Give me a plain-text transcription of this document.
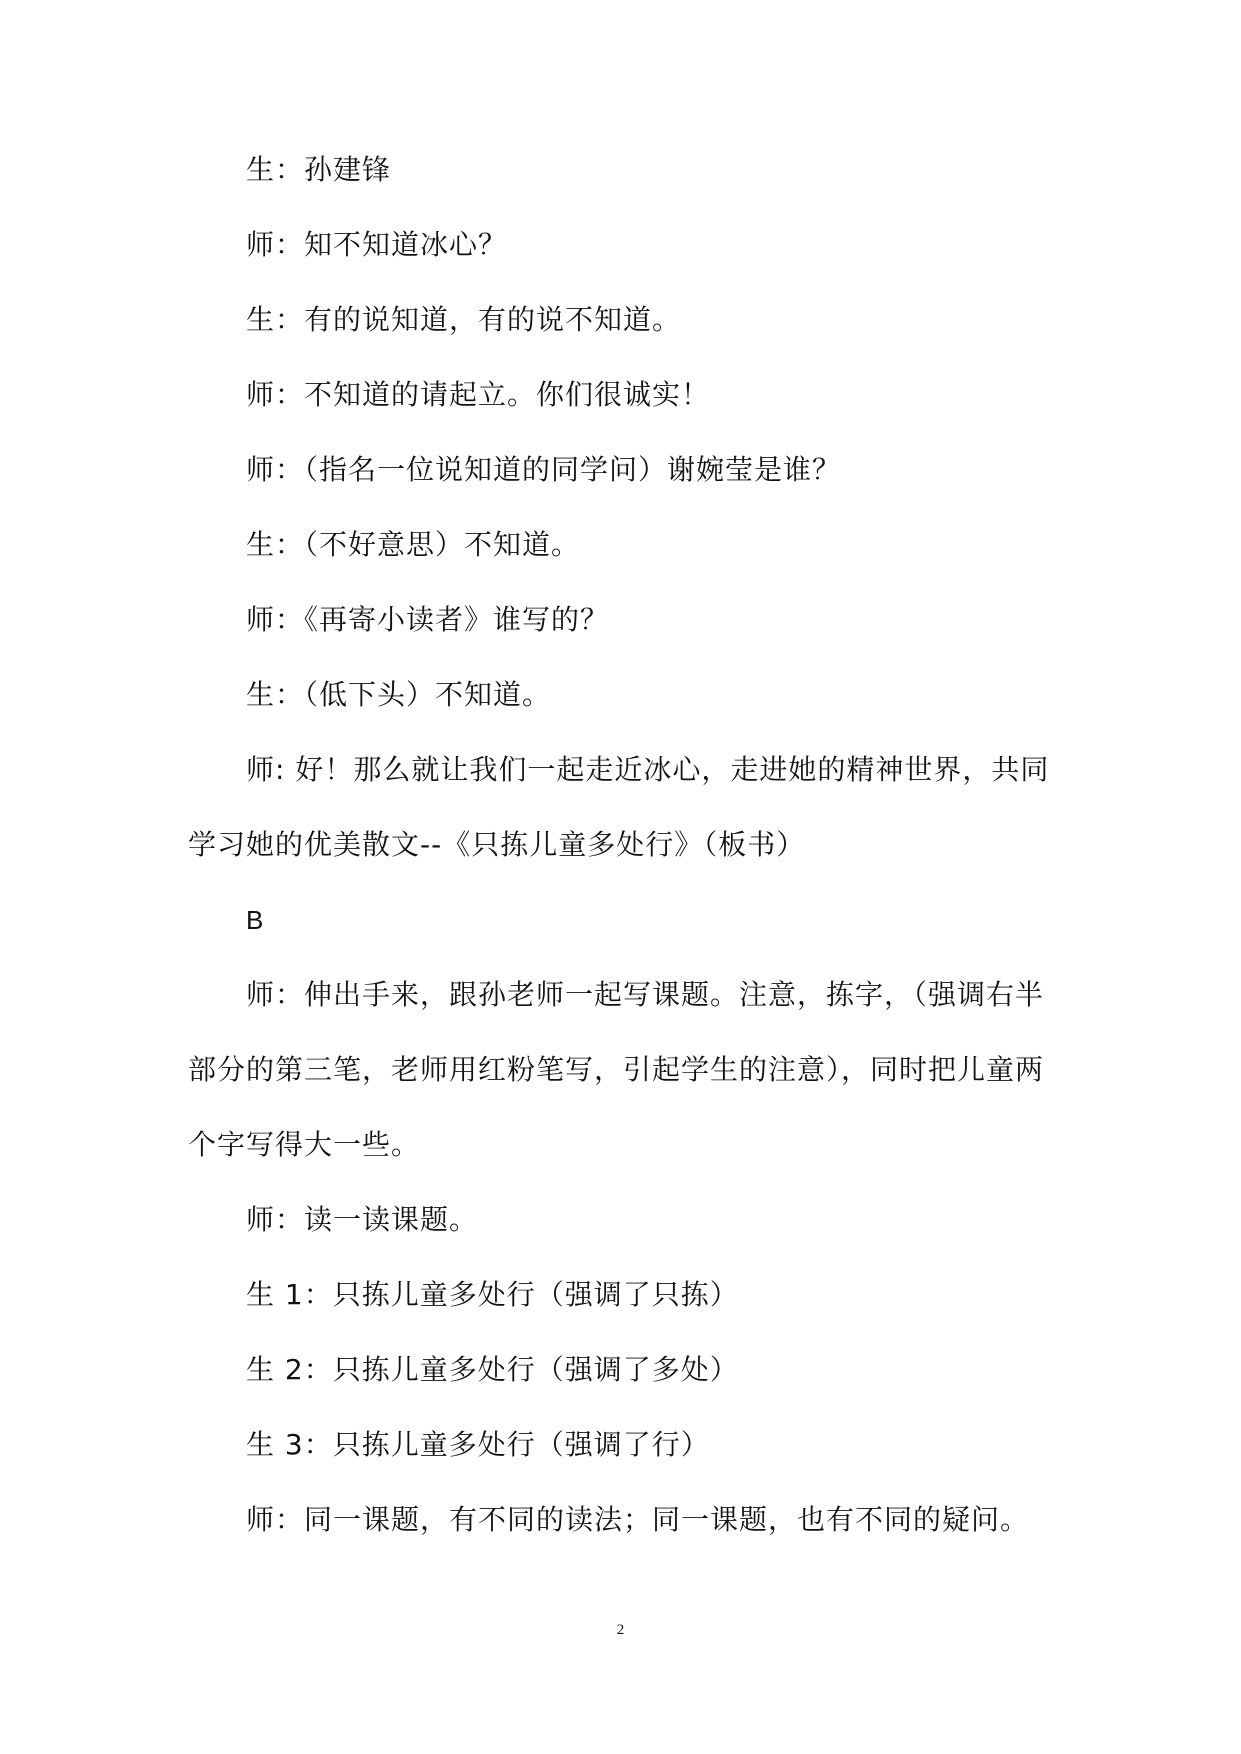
生：孙建锋
师：知不知道冰心？
生：有的说知道，有的说不知道。
师：不知道的请起立。你们很诚实！
师：（指名一位说知道的同学问）谢婉莹是谁？
生：（不好意思）不知道。
师：《再寄小读者》谁写的？
生：（低下头）不知道。
师: 好！那么就让我们一起走近冰心，走进她的精神世界，共同
学习她的优美散文--《只拣儿童多处行》（板书）
B
师：伸出手来，跟孙老师一起写课题。注意，拣字，（强调右半
部分的第三笔，老师用红粉笔写，引起学生的注意），同时把儿童两
个字写得大一些。
师：读一读课题。
生 1：只拣儿童多处行（强调了只拣）
生 2：只拣儿童多处行（强调了多处）
生 3：只拣儿童多处行（强调了行）
师：同一课题，有不同的读法；同一课题，也有不同的疑问。
2
